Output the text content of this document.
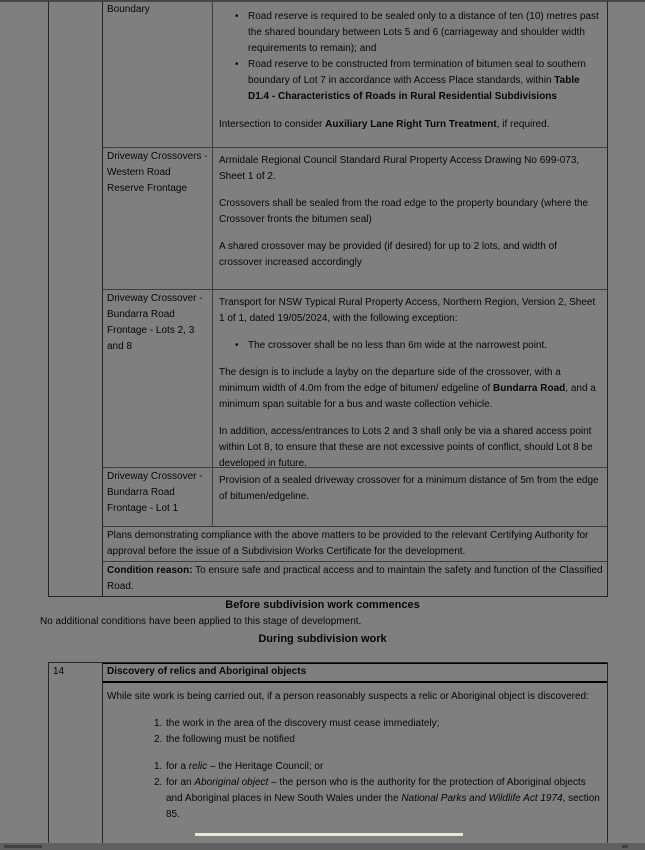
Boundary
• Road reserve is required to be sealed only to a distance of ten (10) metres past the shared boundary between Lots 5 and 6 (carriageway and shoulder width requirements to remain); and
• Road reserve to be constructed from termination of bitumen seal to southern boundary of Lot 7 in accordance with Access Place standards, within Table D1.4 - Characteristics of Roads in Rural Residential Subdivisions
Intersection to consider Auxiliary Lane Right Turn Treatment, if required.
Driveway Crossovers - Western Road Reserve Frontage

Armidale Regional Council Standard Rural Property Access Drawing No 699-073, Sheet 1 of 2.

Crossovers shall be sealed from the road edge to the property boundary (where the Crossover fronts the bitumen seal)

A shared crossover may be provided (if desired) for up to 2 lots, and width of crossover increased accordingly

Driveway Crossover - Bundarra Road Frontage - Lots 2, 3 and 8

Transport for NSW Typical Rural Property Access, Northern Region, Version 2, Sheet 1 of 1, dated 19/05/2024, with the following exception:

• The crossover shall be no less than 6m wide at the narrowest point.

The design is to include a layby on the departure side of the crossover, with a minimum width of 4.0m from the edge of bitumen/ edgeline of Bundarra Road, and a minimum span suitable for a bus and waste collection vehicle.

In addition, access/entrances to Lots 2 and 3 shall only be via a shared access point within Lot 8, to ensure that these are not excessive points of conflict, should Lot 8 be developed in future.

Driveway Crossover - Bundarra Road Frontage - Lot 1

Provision of a sealed driveway crossover for a minimum distance of 5m from the edge of bitumen/edgeline.

Plans demonstrating compliance with the above matters to be provided to the relevant Certifying Authority for approval before the issue of a Subdivision Works Certificate for the development.
Condition reason: To ensure safe and practical access and to maintain the safety and function of the Classified Road.
Before subdivision work commences
No additional conditions have been applied to this stage of development.
During subdivision work
14	Discovery of relics and Aboriginal objects

While site work is being carried out, if a person reasonably suspects a relic or Aboriginal object is discovered:

1. the work in the area of the discovery must cease immediately;
2. the following must be notified
1. for a relic – the Heritage Council; or
2. for an Aboriginal object – the person who is the authority for the protection of Aboriginal objects and Aboriginal places in New South Wales under the National Parks and Wildlife Act 1974, section 85.
